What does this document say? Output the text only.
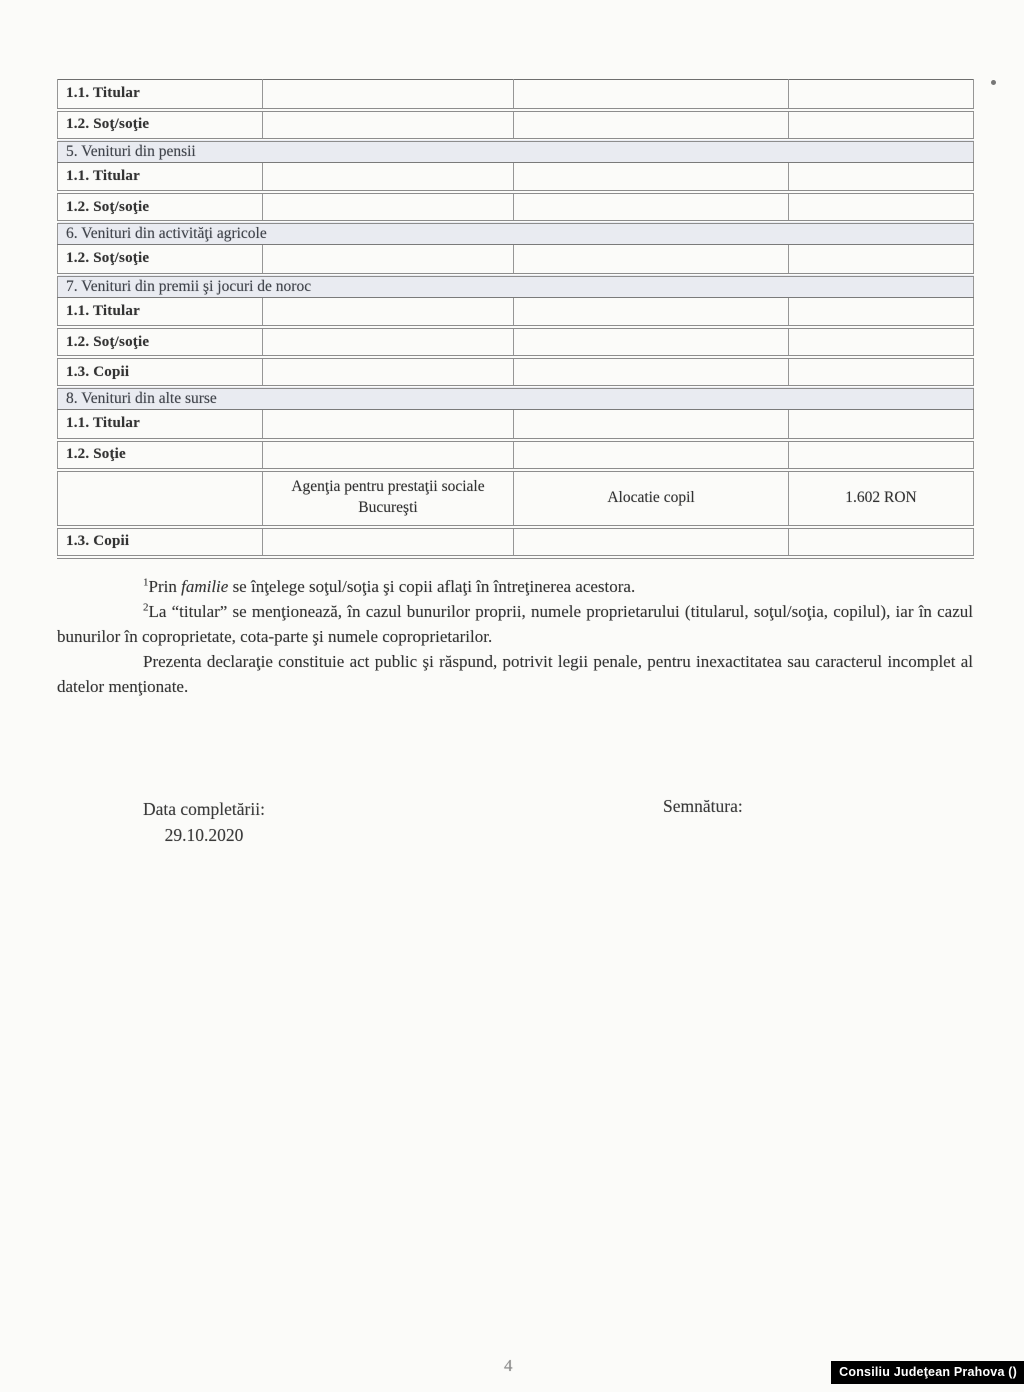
1.1. Titular			
1.2. Soţ/soţie			
5. Venituri din pensii			
1.1. Titular			
1.2. Soţ/soţie			
6. Venituri din activităţi agricole			
1.2. Soţ/soţie			
7. Venituri din premii şi jocuri de noroc			
1.1. Titular			
1.2. Soţ/soţie			
1.3. Copii			
8. Venituri din alte surse			
1.1. Titular			
1.2. Soţie			
	Agenţia pentru prestaţii sociale Bucureşti	Alocatie copil	1.602 RON
1.3. Copii			

$^1$Prin familie se înţelege soţul/soţia şi copii aflaţi în întreţinerea acestora.

$^2$La “titular” se menţionează, în cazul bunurilor proprii, numele proprietarului (titularul, soţul/soţia, copilul), iar în cazul bunurilor în coproprietate, cota-parte şi numele coproprietarilor.

Prezenta declaraţie constituie act public şi răspund, potrivit legii penale, pentru inexactitatea sau caracterul incomplet al datelor menţionate.

Data completării:
29.10.2020
Semnătura:
4	Consiliu Judeţean Prahova ()
